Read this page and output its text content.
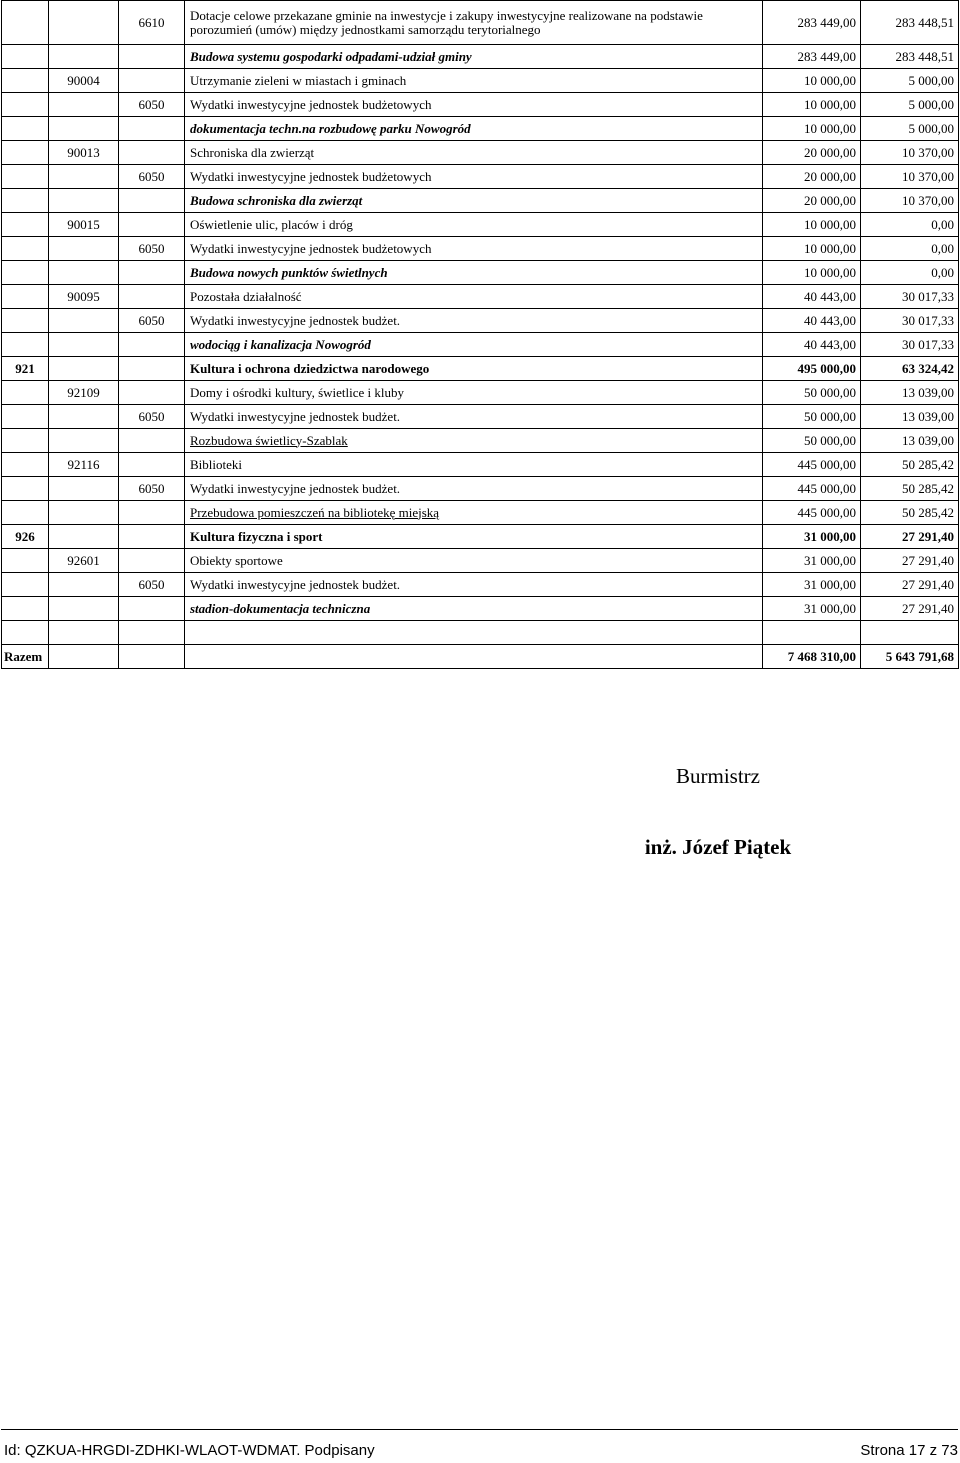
		6610	Dotacje celowe przekazane gminie na inwestycje i zakupy inwestycyjne realizowane na podstawie porozumień (umów) między jednostkami samorządu terytorialnego	283 449,00	283 448,51
			Budowa systemu gospodarki odpadami-udział gminy	283 449,00	283 448,51
	90004		Utrzymanie zieleni w miastach i gminach	10 000,00	5 000,00
		6050	Wydatki inwestycyjne jednostek budżetowych	10 000,00	5 000,00
			dokumentacja techn.na rozbudowę parku Nowogród	10 000,00	5 000,00
	90013		Schroniska dla zwierząt	20 000,00	10 370,00
		6050	Wydatki inwestycyjne jednostek budżetowych	20 000,00	10 370,00
			Budowa schroniska dla zwierząt	20 000,00	10 370,00
	90015		Oświetlenie ulic, placów i dróg	10 000,00	0,00
		6050	Wydatki inwestycyjne jednostek budżetowych	10 000,00	0,00
			Budowa nowych punktów świetlnych	10 000,00	0,00
	90095		Pozostała działalność	40 443,00	30 017,33
		6050	Wydatki inwestycyjne jednostek budżet.	40 443,00	30 017,33
			wodociąg i kanalizacja Nowogród	40 443,00	30 017,33
921			Kultura i ochrona dziedzictwa narodowego	495 000,00	63 324,42
	92109		Domy i ośrodki kultury, świetlice i kluby	50 000,00	13 039,00
		6050	Wydatki inwestycyjne jednostek budżet.	50 000,00	13 039,00
			Rozbudowa świetlicy-Szablak	50 000,00	13 039,00
	92116		Biblioteki	445 000,00	50 285,42
		6050	Wydatki inwestycyjne jednostek budżet.	445 000,00	50 285,42
			Przebudowa pomieszczeń na bibliotekę miejską	445 000,00	50 285,42
926			Kultura fizyczna i sport	31 000,00	27 291,40
	92601		Obiekty sportowe	31 000,00	27 291,40
		6050	Wydatki inwestycyjne jednostek budżet.	31 000,00	27 291,40
			stadion-dokumentacja techniczna	31 000,00	27 291,40

Razem				7 468 310,00	5 643 791,68
Burmistrz
inż. Józef Piątek
Id: QZKUA-HRGDI-ZDHKI-WLAOT-WDMAT. Podpisany	Strona 17 z 73
